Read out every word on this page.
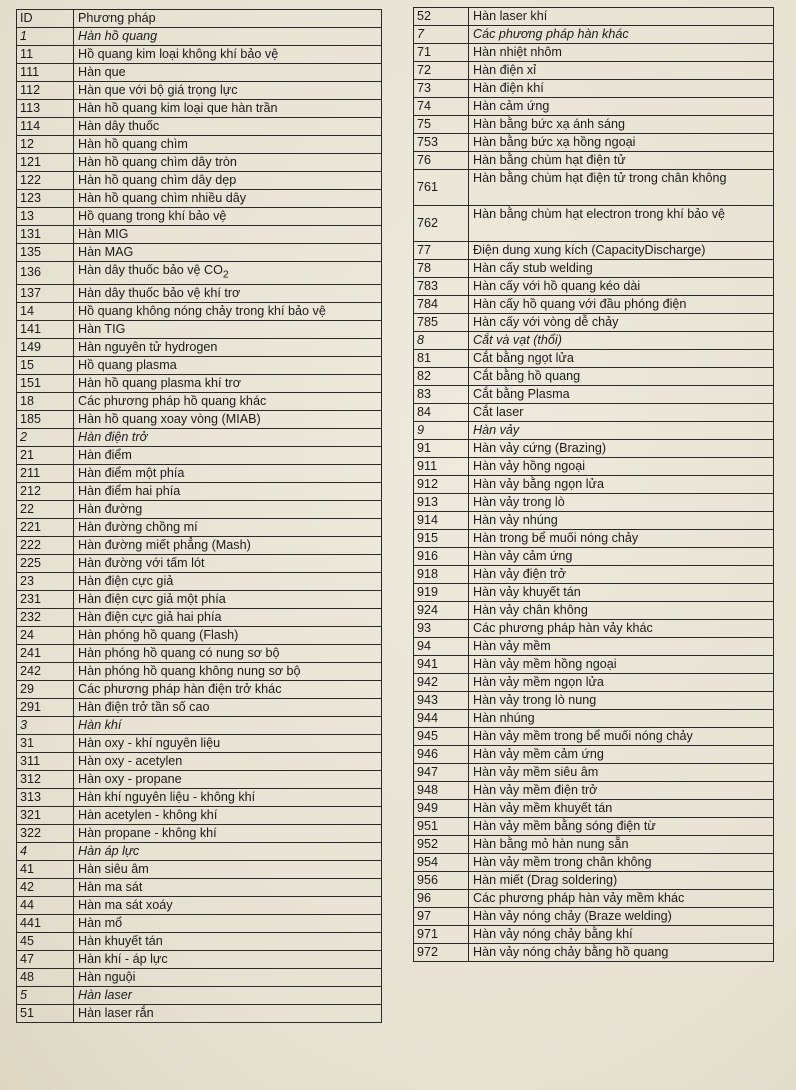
ID	Phương pháp
1	Hàn hồ quang
11	Hồ quang kim loại không khí bảo vệ
111	Hàn que
112	Hàn que với bộ giá trọng lực
113	Hàn hồ quang kim loại que hàn trần
114	Hàn dây thuốc
12	Hàn hồ quang chìm
121	Hàn hồ quang chìm dây tròn
122	Hàn hồ quang chìm dây dẹp
123	Hàn hồ quang chìm nhiều dây
13	Hồ quang trong khí bảo vệ
131	Hàn MIG
135	Hàn MAG
136	Hàn dây thuốc bảo vệ $CO_2$
137	Hàn dây thuốc bảo vệ khí trơ
14	Hồ quang không nóng chảy trong khí bảo vệ
141	Hàn TIG
149	Hàn nguyên tử hydrogen
15	Hồ quang plasma
151	Hàn hồ quang plasma khí trơ
18	Các phương pháp hồ quang khác
185	Hàn hồ quang xoay vòng (MIAB)
2	Hàn điện trở
21	Hàn điểm
211	Hàn điểm một phía
212	Hàn điểm hai phía
22	Hàn đường
221	Hàn đường chồng mí
222	Hàn đường miết phẳng (Mash)
225	Hàn đường với tấm lót
23	Hàn điện cực giả
231	Hàn điện cực giả một phía
232	Hàn điện cực giả hai phía
24	Hàn phóng hồ quang (Flash)
241	Hàn phóng hồ quang có nung sơ bộ
242	Hàn phóng hồ quang không nung sơ bộ
29	Các phương pháp hàn điện trở khác
291	Hàn điện trở tần số cao
3	Hàn khí
31	Hàn oxy - khí nguyên liệu
311	Hàn oxy - acetylen
312	Hàn oxy - propane
313	Hàn khí nguyên liệu - không khí
321	Hàn acetylen - không khí
322	Hàn propane - không khí
4	Hàn áp lực
41	Hàn siêu âm
42	Hàn ma sát
44	Hàn ma sát xoáy
441	Hàn mổ
45	Hàn khuyết tán
47	Hàn khí - áp lực
48	Hàn nguội
5	Hàn laser
51	Hàn laser rắn
52	Hàn laser khí
7	Các phương pháp hàn khác
71	Hàn nhiệt nhôm
72	Hàn điện xỉ
73	Hàn điện khí
74	Hàn cảm ứng
75	Hàn bằng bức xạ ánh sáng
753	Hàn bằng bức xạ hồng ngoại
76	Hàn bằng chùm hạt điện tử
761	Hàn bằng chùm hạt điện tử trong chân không
762	Hàn bằng chùm hạt electron trong khí bảo vệ
77	Điện dung xung kích (CapacityDischarge)
78	Hàn cấy stub welding
783	Hàn cấy với hồ quang kéo dài
784	Hàn cấy hồ quang với đầu phóng điện
785	Hàn cấy với vòng dễ chảy
8	Cắt và vạt (thổi)
81	Cắt bằng ngọt lửa
82	Cắt bằng hồ quang
83	Cắt bằng Plasma
84	Cắt laser
9	Hàn vảy
91	Hàn vảy cứng (Brazing)
911	Hàn vảy hồng ngoại
912	Hàn vảy bằng ngọn lửa
913	Hàn vảy trong lò
914	Hàn vảy nhúng
915	Hàn trong bể muối nóng chảy
916	Hàn vảy cảm ứng
918	Hàn vảy điện trở
919	Hàn vảy khuyết tán
924	Hàn vảy chân không
93	Các phương pháp hàn vảy khác
94	Hàn vảy mềm
941	Hàn vảy mềm hồng ngoại
942	Hàn vảy mềm ngọn lửa
943	Hàn vảy trong lò nung
944	Hàn nhúng
945	Hàn vảy mềm trong bể muối nóng chảy
946	Hàn vảy mềm cảm ứng
947	Hàn vảy mềm siêu âm
948	Hàn vảy mềm điện trở
949	Hàn vảy mềm khuyết tán
951	Hàn vảy mềm bằng sóng điện từ
952	Hàn bằng mỏ hàn nung sẵn
954	Hàn vảy mềm trong chân không
956	Hàn miết (Drag soldering)
96	Các phương pháp hàn vảy mềm khác
97	Hàn vảy nóng chảy (Braze welding)
971	Hàn vảy nóng chảy bằng khí
972	Hàn vảy nóng chảy bằng hồ quang
